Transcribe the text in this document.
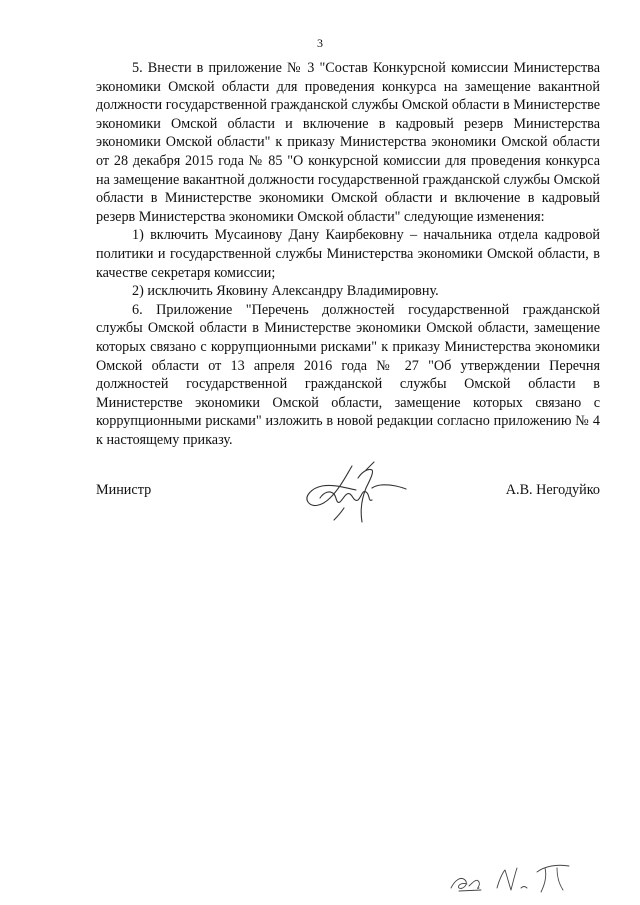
3

5. Внести в приложение № 3 "Состав Конкурсной комиссии Министерства экономики Омской области для проведения конкурса на замещение вакантной должности государственной гражданской службы Омской области в Министерстве экономики Омской области и включение в кадровый резерв Министерства экономики Омской области" к приказу Министерства экономики Омской области от 28 декабря 2015 года № 85 "О конкурсной комиссии для проведения конкурса на замещение вакантной должности государственной гражданской службы Омской области в Министерстве экономики Омской области и включение в кадровый резерв Министерства экономики Омской области" следующие изменения:

1) включить Мусаинову Дану Каирбековну – начальника отдела кадровой политики и государственной службы Министерства экономики Омской области, в качестве секретаря комиссии;

2) исключить Яковину Александру Владимировну.

6. Приложение "Перечень должностей государственной гражданской службы Омской области в Министерстве экономики Омской области, замещение которых связано с коррупционными рисками" к приказу Министерства экономики Омской области от 13 апреля 2016 года № 27 "Об утверждении Перечня должностей государственной гражданской службы Омской области в Министерстве экономики Омской области, замещение которых связано с коррупционными рисками" изложить в новой редакции согласно приложению № 4 к настоящему приказу.

Министр	А.В. Негодуйко
